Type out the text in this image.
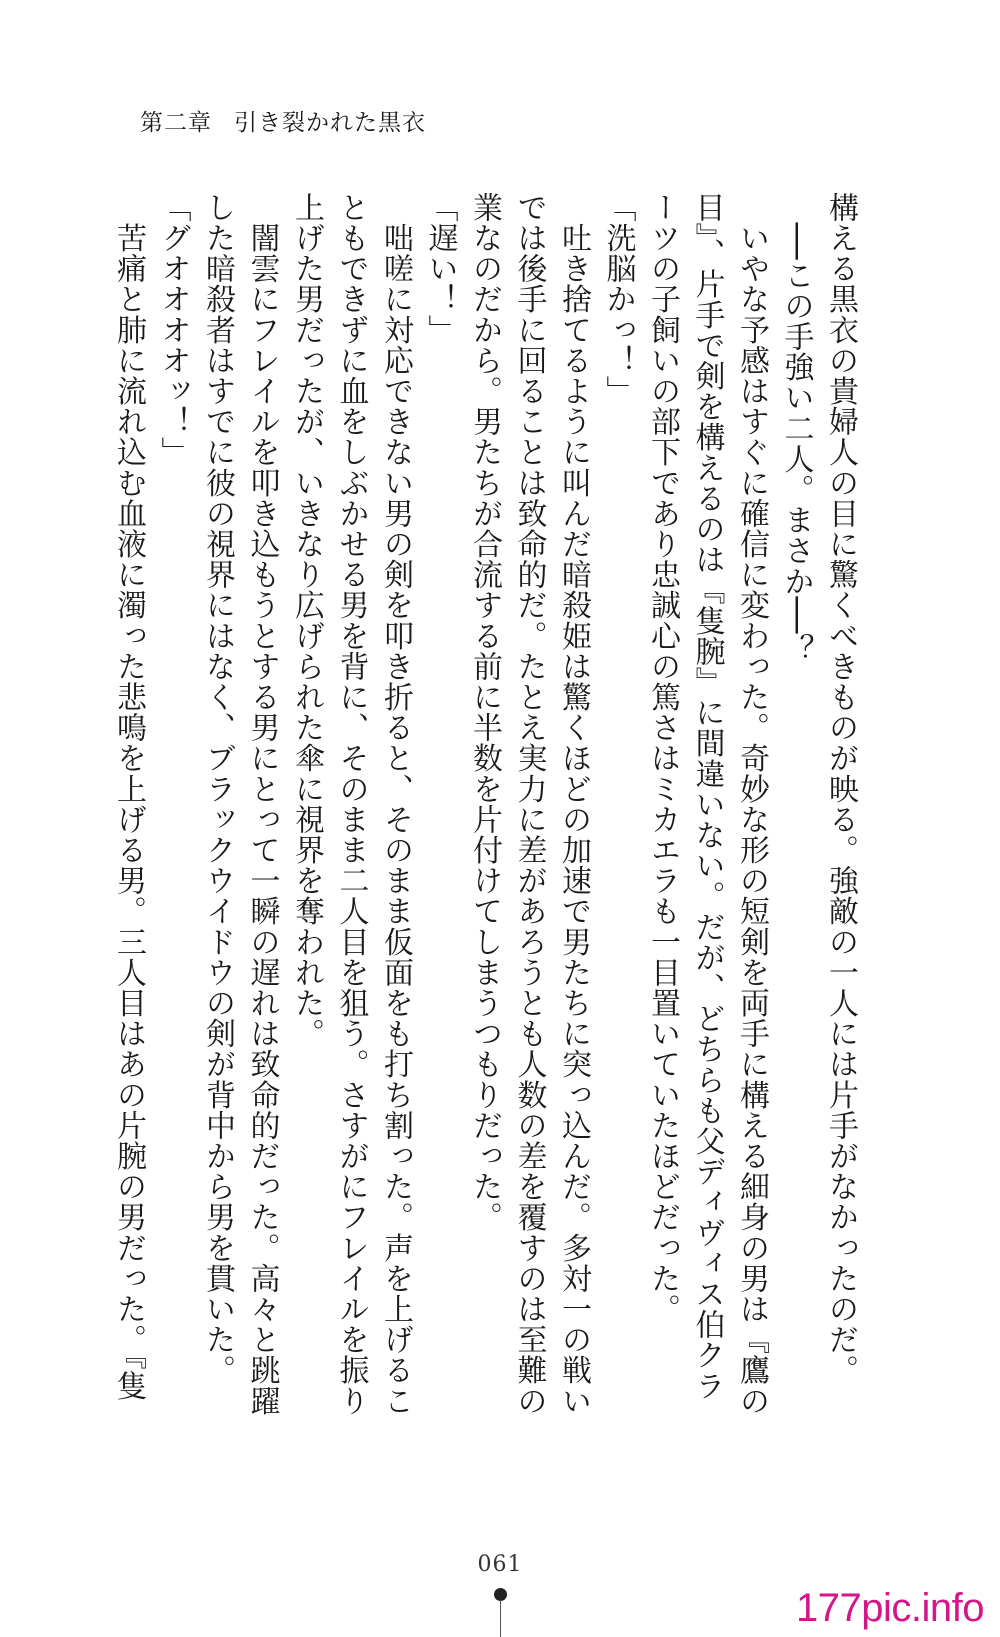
第二章 引き裂かれた黒衣

構える黒衣の貴婦人の目に驚くべきものが映る。強敵の一人には片手がなかったのだ。

　──この手強い二人。まさか──？

　いやな予感はすぐに確信に変わった。奇妙な形の短剣を両手に構える細身の男は『鷹の

目』、片手で剣を構えるのは『隻腕』に間違いない。だが、どちらも父ディヴィス伯クラ

ーツの子飼いの部下であり忠誠心の篤さはミカエラも一目置いていたほどだった。

「洗脳かっ！」

　吐き捨てるように叫んだ暗殺姫は驚くほどの加速で男たちに突っ込んだ。多対一の戦い

では後手に回ることは致命的だ。たとえ実力に差があろうとも人数の差を覆すのは至難の

業なのだから。男たちが合流する前に半数を片付けてしまうつもりだった。

「遅い！」

　咄嗟に対応できない男の剣を叩き折ると、そのまま仮面をも打ち割った。声を上げるこ

ともできずに血をしぶかせる男を背に、そのまま二人目を狙う。さすがにフレイルを振り

上げた男だったが、いきなり広げられた傘に視界を奪われた。

　闇雲にフレイルを叩き込もうとする男にとって一瞬の遅れは致命的だった。高々と跳躍

した暗殺者はすでに彼の視界にはなく、ブラックウイドウの剣が背中から男を貫いた。

「グオオオオッ！」

　苦痛と肺に流れ込む血液に濁った悲鳴を上げる男。三人目はあの片腕の男だった。『隻

061
177pic.info
